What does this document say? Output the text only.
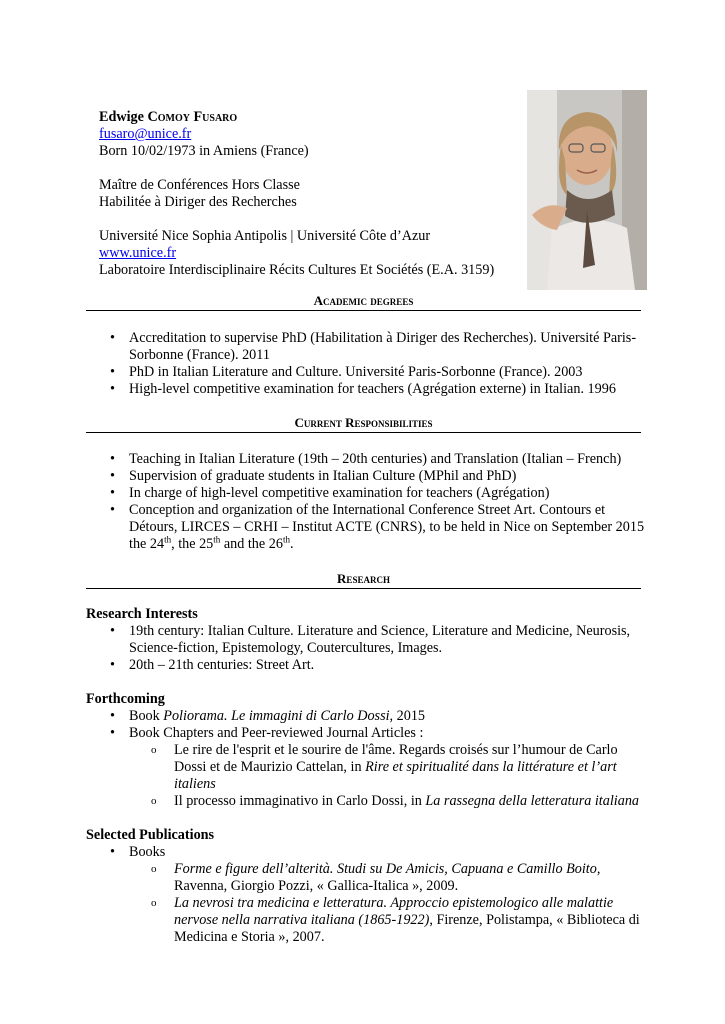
Edwige Comoy Fusaro

fusaro@unice.fr

Born 10/02/1973 in Amiens (France)

Maître de Conférences Hors Classe

Habilitée à Diriger des Recherches

Université Nice Sophia Antipolis | Université Côte d’Azur

www.unice.fr

Laboratoire Interdisciplinaire Récits Cultures Et Sociétés (E.A. 3159)

Academic degrees
• Accreditation to supervise PhD (Habilitation à Diriger des Recherches). Université Paris-Sorbonne (France). 2011
• PhD in Italian Literature and Culture. Université Paris-Sorbonne (France). 2003
• High-level competitive examination for teachers (Agrégation externe) in Italian. 1996
Current Responsibilities
• Teaching in Italian Literature (19th – 20th centuries) and Translation (Italian – French)
• Supervision of graduate students in Italian Culture (MPhil and PhD)
• In charge of high-level competitive examination for teachers (Agrégation)
• Conception and organization of the International Conference Street Art. Contours et Détours, LIRCES – CRHI – Institut ACTE (CNRS), to be held in Nice on September 2015 the 24th, the 25th and the 26th.
Research
Research Interests
• 19th century: Italian Culture. Literature and Science, Literature and Medicine, Neurosis, Science-fiction, Epistemology, Coutercultures, Images.
• 20th – 21th centuries: Street Art.
Forthcoming
• Book Poliorama. Le immagini di Carlo Dossi, 2015
• Book Chapters and Peer-reviewed Journal Articles :
o Le rire de l'esprit et le sourire de l'âme. Regards croisés sur l’humour de Carlo Dossi et de Maurizio Cattelan, in Rire et spiritualité dans la littérature et l’art italiens
o Il processo immaginativo in Carlo Dossi, in La rassegna della letteratura italiana
Selected Publications
• Books
o Forme e figure dell’alterità. Studi su De Amicis, Capuana e Camillo Boito, Ravenna, Giorgio Pozzi, « Gallica-Italica », 2009.
o La nevrosi tra medicina e letteratura. Approccio epistemologico alle malattie nervose nella narrativa italiana (1865-1922), Firenze, Polistampa, « Biblioteca di Medicina e Storia », 2007.
